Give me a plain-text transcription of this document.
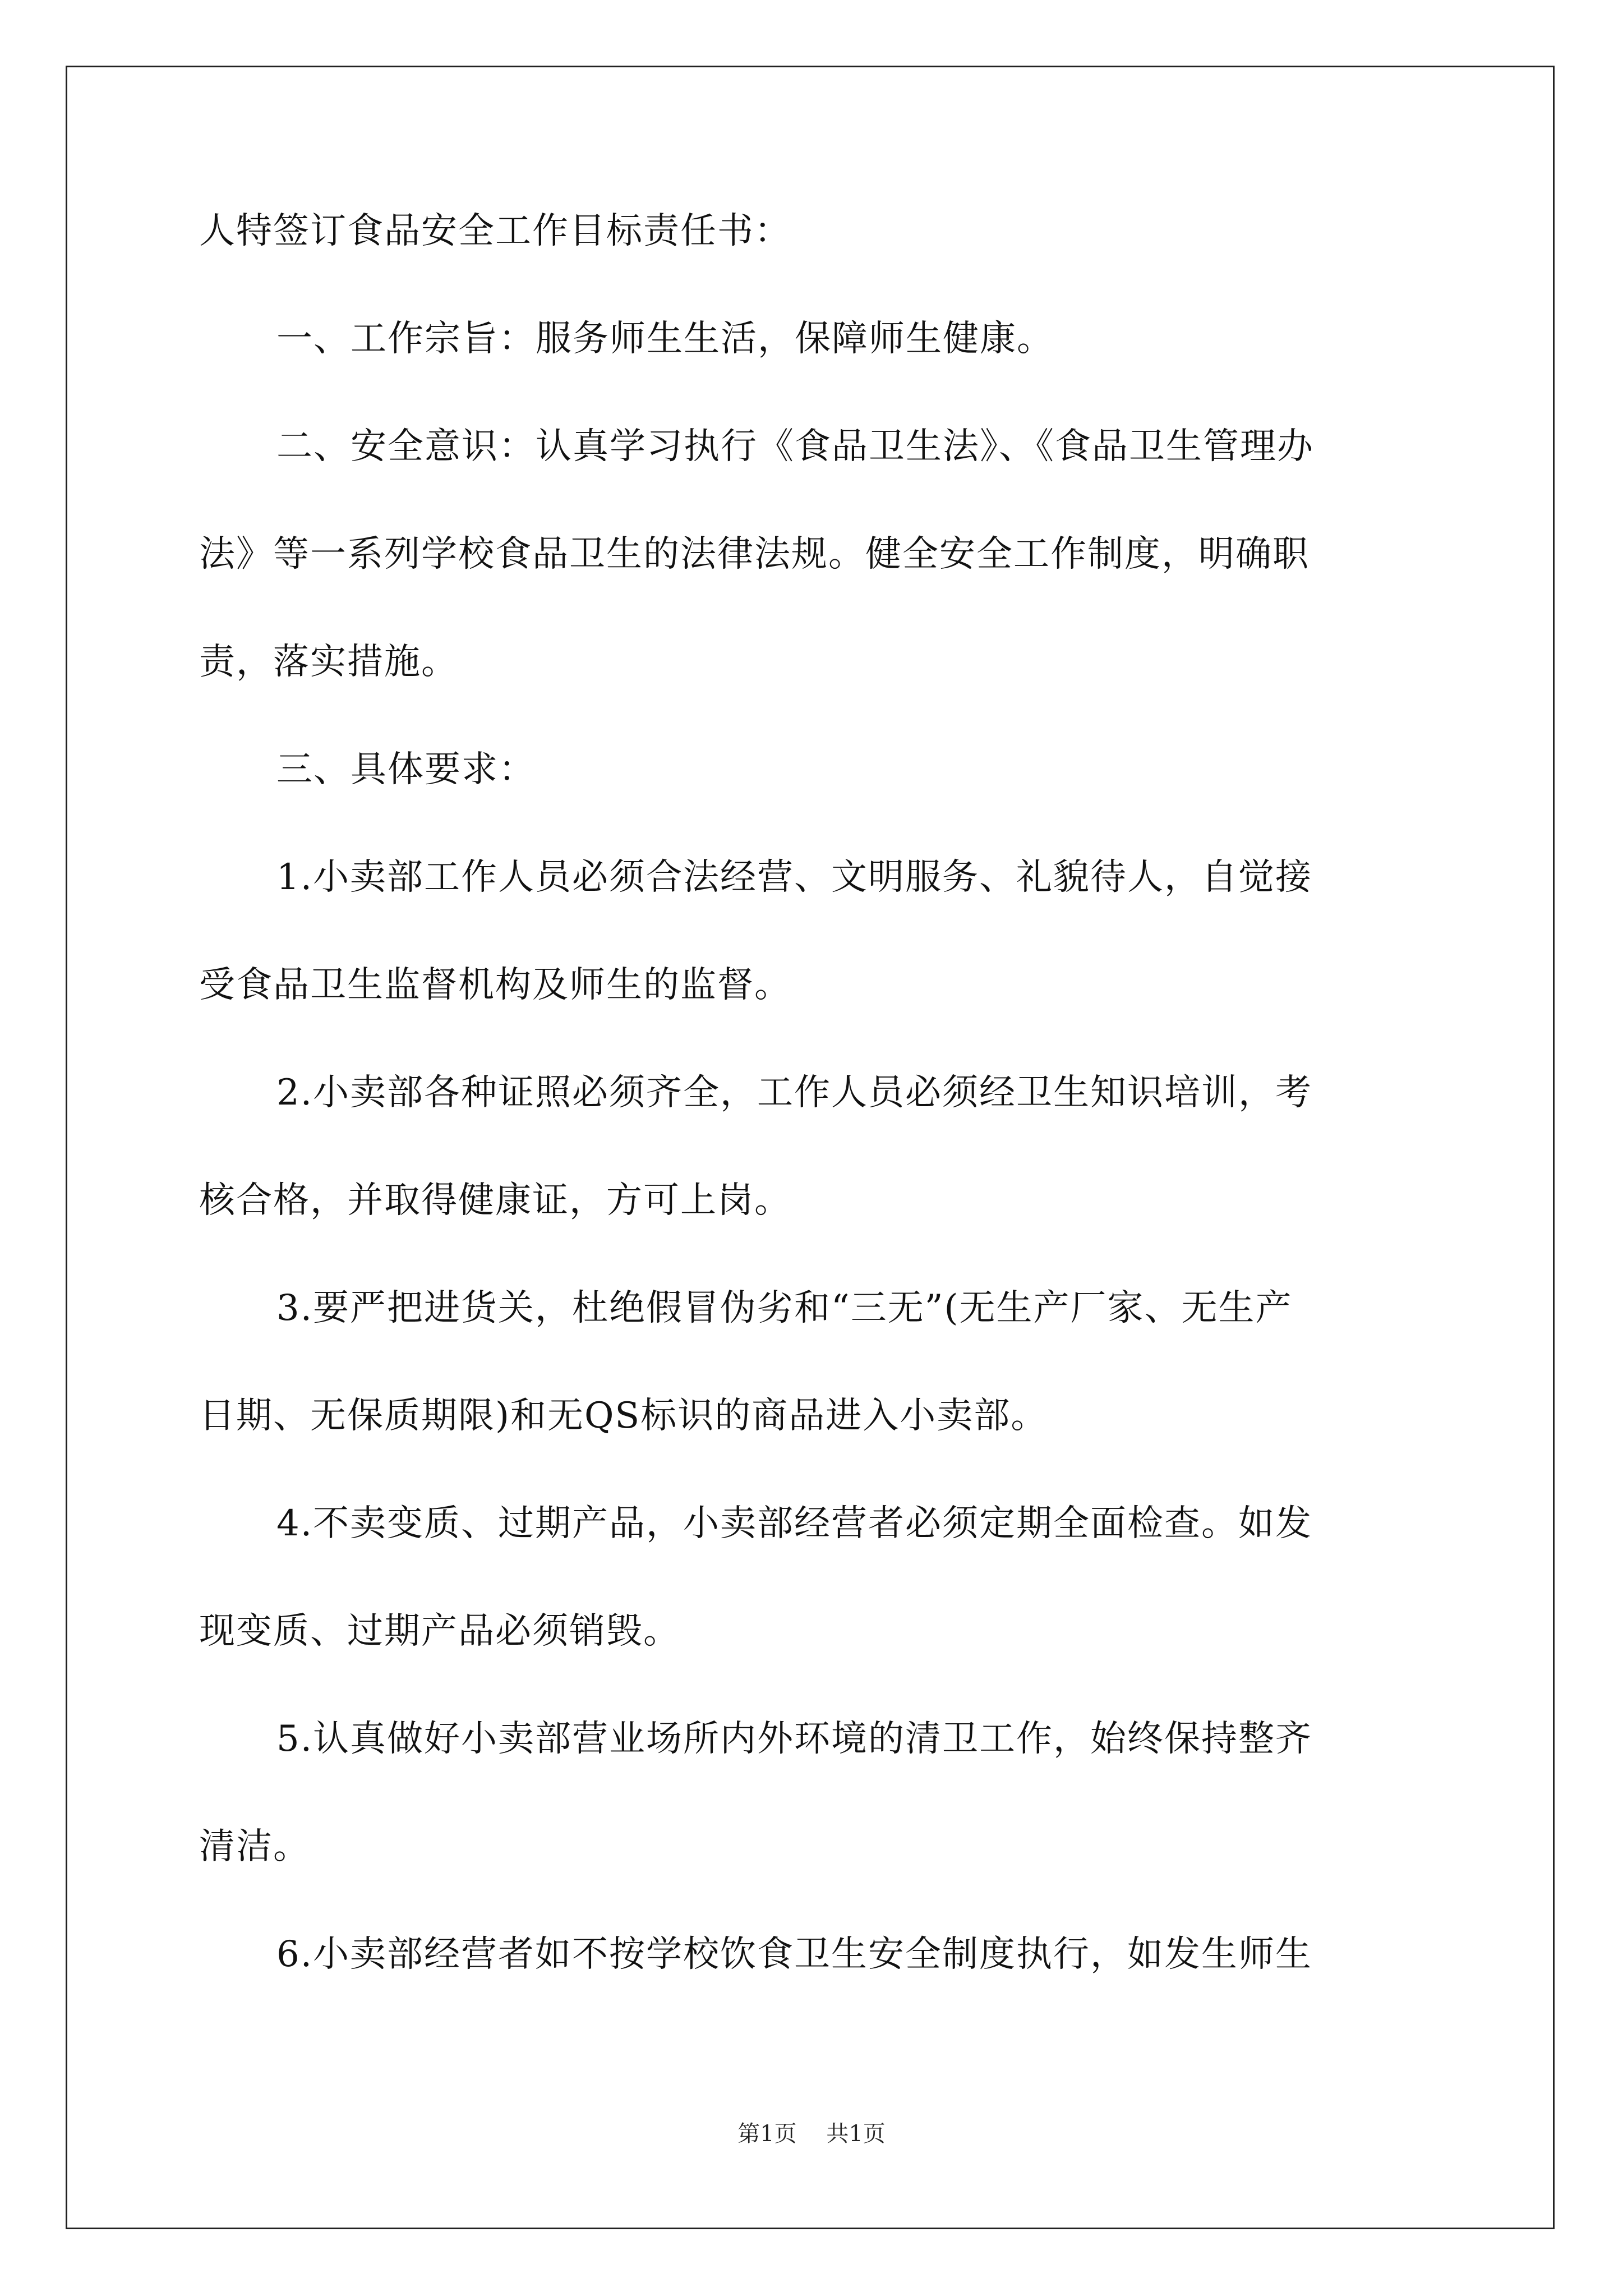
人特签订食品安全工作目标责任书：
一、工作宗旨：服务师生生活，保障师生健康。
二、安全意识：认真学习执行《食品卫生法》、《食品卫生管理办
法》等一系列学校食品卫生的法律法规。健全安全工作制度，明确职
责，落实措施。
三、具体要求：
1.小卖部工作人员必须合法经营、文明服务、礼貌待人，自觉接
受食品卫生监督机构及师生的监督。
2.小卖部各种证照必须齐全，工作人员必须经卫生知识培训，考
核合格，并取得健康证，方可上岗。
3.要严把进货关，杜绝假冒伪劣和“三无”(无生产厂家、无生产
日期、无保质期限)和无QS标识的商品进入小卖部。
4.不卖变质、过期产品，小卖部经营者必须定期全面检查。如发
现变质、过期产品必须销毁。
5.认真做好小卖部营业场所内外环境的清卫工作，始终保持整齐
清洁。
6.小卖部经营者如不按学校饮食卫生安全制度执行，如发生师生
第1页 共1页
